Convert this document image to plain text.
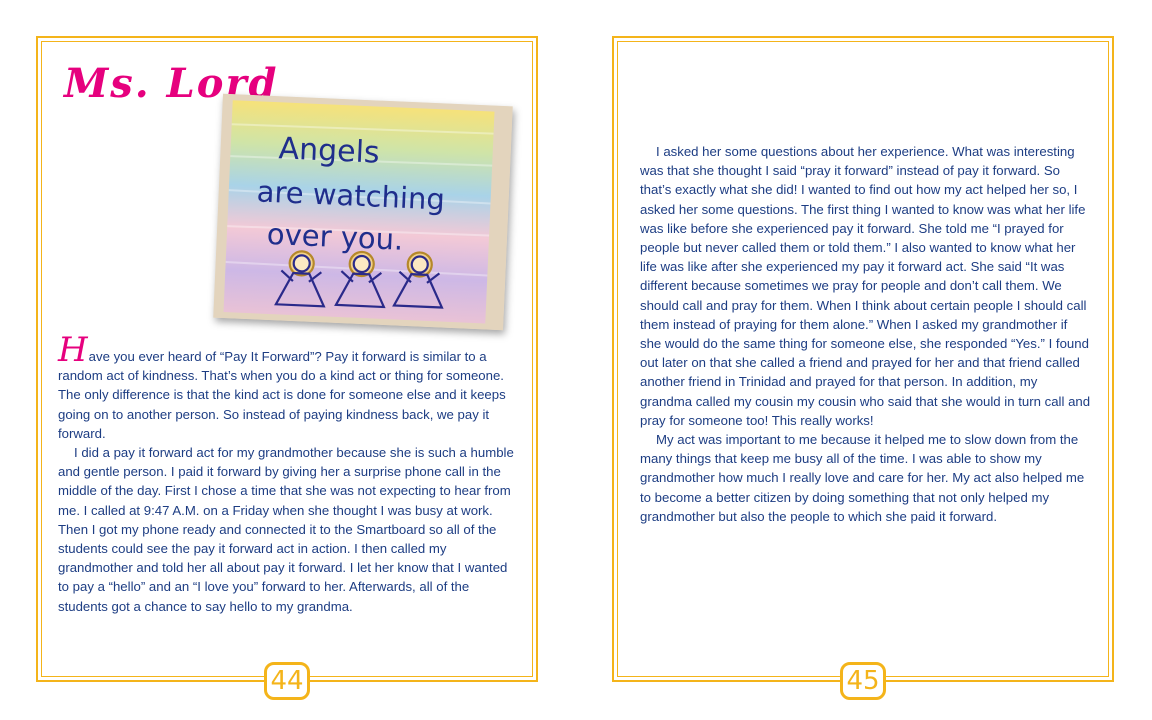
Ms. Lord
Angels
are watching
over you.

Have you ever heard of “Pay It Forward”? Pay it forward is similar to a random act of kindness. That’s when you do a kind act or thing for someone. The only difference is that the kind act is done for someone else and it keeps going on to another person. So instead of paying kindness back, we pay it forward.

I did a pay it forward act for my grandmother because she is such a humble and gentle person. I paid it forward by giving her a surprise phone call in the middle of the day. First I chose a time that she was not expecting to hear from me. I called at 9:47 A.M. on a Friday when she thought I was busy at work. Then I got my phone ready and connected it to the Smartboard so all of the students could see the pay it forward act in action. I then called my grandmother and told her all about pay it forward. I let her know that I wanted to pay a “hello” and an “I love you” forward to her. Afterwards, all of the students got a chance to say hello to my grandma.

44

I asked her some questions about her experience. What was interesting was that she thought I said “pray it forward” instead of pay it forward. So that’s exactly what she did! I wanted to find out how my act helped her so, I asked her some questions. The first thing I wanted to know was what her life was like before she experienced pay it forward. She told me “I prayed for people but never called them or told them.” I also wanted to know what her life was like after she experienced my pay it forward act. She said “It was different because sometimes we pray for people and don’t call them. We should call and pray for them. When I think about certain people I should call them instead of praying for them alone.” When I asked my grandmother if she would do the same thing for someone else, she responded “Yes.” I found out later on that she called a friend and prayed for her and that friend called another friend in Trinidad and prayed for that person. In addition, my grandma called my cousin my cousin who said that she would in turn call and pray for someone too! This really works!

My act was important to me because it helped me to slow down from the many things that keep me busy all of the time. I was able to show my grandmother how much I really love and care for her. My act also helped me to become a better citizen by doing something that not only helped my grandmother but also the people to which she paid it forward.

45
